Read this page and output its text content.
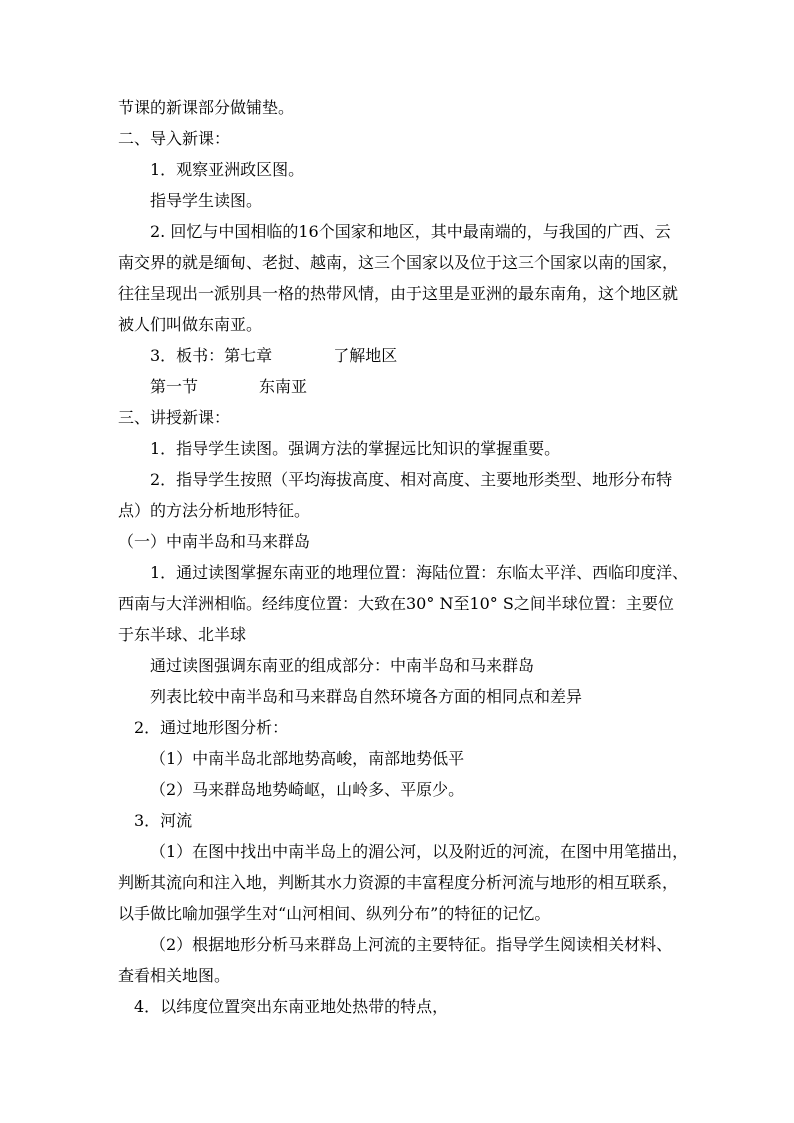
节课的新课部分做铺垫。
二、导入新课：
1．观察亚洲政区图。
指导学生读图。
2. 回忆与中国相临的16个国家和地区，其中最南端的，与我国的广西、云
南交界的就是缅甸、老挝、越南，这三个国家以及位于这三个国家以南的国家，
往往呈现出一派别具一格的热带风情，由于这里是亚洲的最东南角，这个地区就
被人们叫做东南亚。
3．板书：第七章            了解地区
第一节            东南亚
三、讲授新课：
1．指导学生读图。强调方法的掌握远比知识的掌握重要。
2．指导学生按照（平均海拔高度、相对高度、主要地形类型、地形分布特
点）的方法分析地形特征。
（一）中南半岛和马来群岛
1．通过读图掌握东南亚的地理位置：海陆位置：东临太平洋、西临印度洋、
西南与大洋洲相临。经纬度位置：大致在30° N至10° S之间半球位置：主要位
于东半球、北半球
通过读图强调东南亚的组成部分：中南半岛和马来群岛
列表比较中南半岛和马来群岛自然环境各方面的相同点和差异
2．通过地形图分析：
（1）中南半岛北部地势高峻，南部地势低平
（2）马来群岛地势崎岖，山岭多、平原少。
3．河流
（1）在图中找出中南半岛上的湄公河，以及附近的河流，在图中用笔描出，
判断其流向和注入地，判断其水力资源的丰富程度分析河流与地形的相互联系，
以手做比喻加强学生对“山河相间、纵列分布”的特征的记忆。
（2）根据地形分析马来群岛上河流的主要特征。指导学生阅读相关材料、
查看相关地图。
4．以纬度位置突出东南亚地处热带的特点，
